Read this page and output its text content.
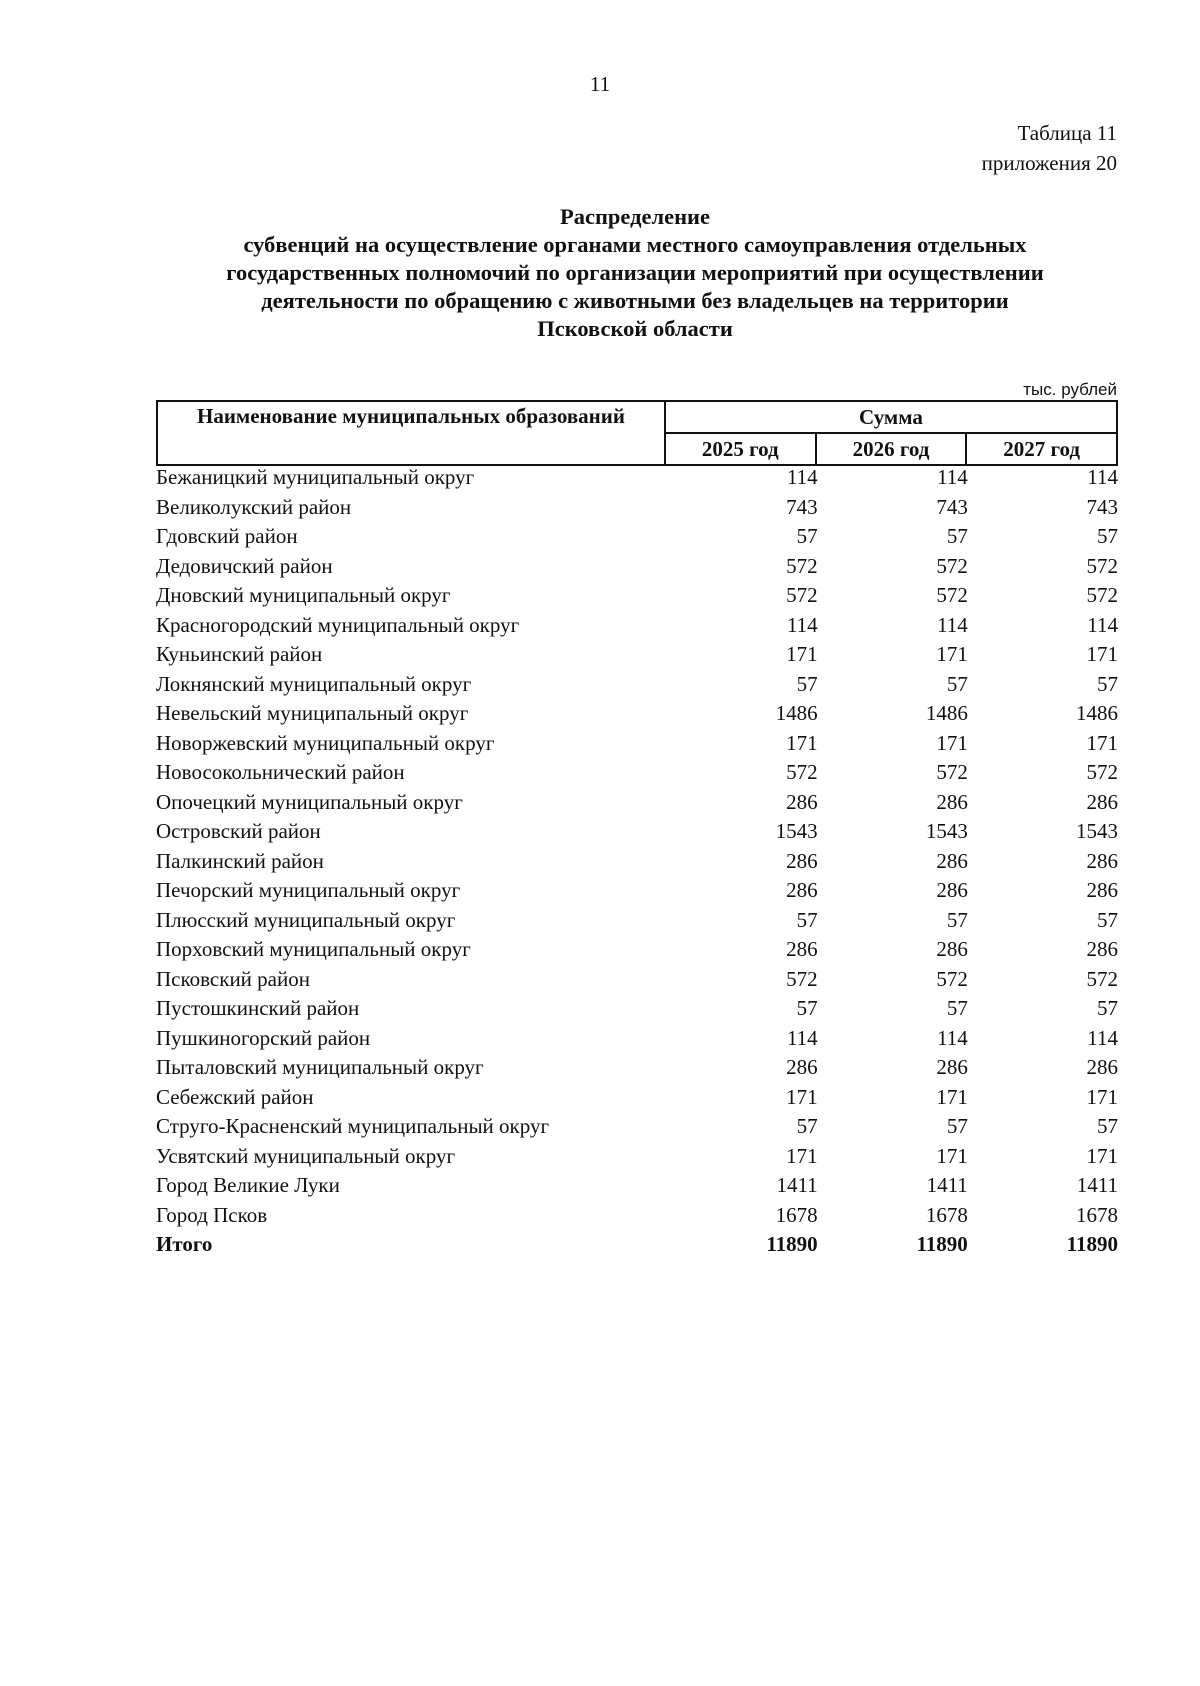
11
Таблица 11
приложения 20
Распределение
субвенций на осуществление органами местного самоуправления отдельных
государственных полномочий по организации мероприятий при осуществлении
деятельности по обращению с животными без владельцев на территории
Псковской области
тыс. рублей
Наименование муниципальных образований	Сумма		
	2025 год	2026 год	2027 год
Бежаницкий муниципальный округ	114	114	114
Великолукский район	743	743	743
Гдовский район	57	57	57
Дедовичский район	572	572	572
Дновский муниципальный округ	572	572	572
Красногородский муниципальный округ	114	114	114
Куньинский район	171	171	171
Локнянский муниципальный округ	57	57	57
Невельский муниципальный округ	1486	1486	1486
Новоржевский муниципальный округ	171	171	171
Новосокольнический район	572	572	572
Опочецкий муниципальный округ	286	286	286
Островский район	1543	1543	1543
Палкинский район	286	286	286
Печорский муниципальный округ	286	286	286
Плюсский муниципальный округ	57	57	57
Порховский муниципальный округ	286	286	286
Псковский район	572	572	572
Пустошкинский район	57	57	57
Пушкиногорский район	114	114	114
Пыталовский муниципальный округ	286	286	286
Себежский район	171	171	171
Струго-Красненский муниципальный округ	57	57	57
Усвятский муниципальный округ	171	171	171
Город Великие Луки	1411	1411	1411
Город Псков	1678	1678	1678
Итого	11890	11890	11890
